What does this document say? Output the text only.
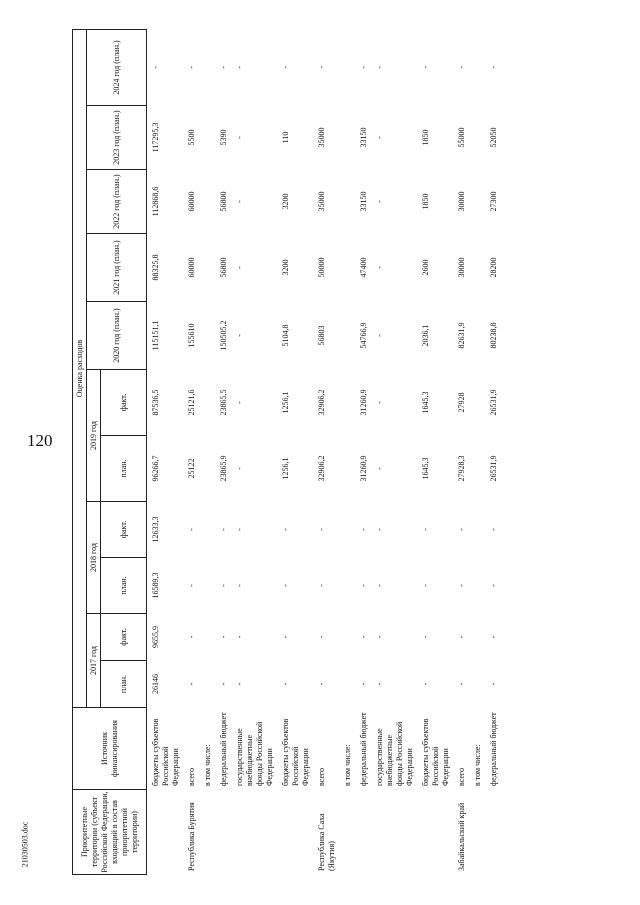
120
21030503.doc	Приоритетные территории (субъект Российской Федерации, входящий в состав приоритетной территории)	Источник финансирования	Оценка расходов										
		2017 год		2018 год		2019 год		2020 год (план.)	2021 год (план.)	2022 год (план.)	2023 год (план.)	2024 год (план.)
		план.	факт.	план.	факт.	план.	факт.					
	бюджеты субъектов Российской Федерации	26146	9655,9	16589,3	12633,3	96266,7	87536,5	115151,1	88325,8	112868,6	117295,3	-
Республика Бурятия	всего	-	-	-	-	25122	25121,6	155610	60000	60000	5500	-
	в том числе:											
	федеральный бюджет	-	-	-	-	23865,9	23865,5	150505,2	56800	56800	5390	-
	государственные внебюджетные фонды Российской Федерации	-	-	-	-	-	-	-	-	-	-	-
	бюджеты субъектов Российской Федерации	-	-	-	-	1256,1	1256,1	5104,8	3200	3200	110	-
Республика Саха (Якутия)	всего	-	-	-	-	32906,2	32906,2	56803	50000	35000	35000	-
	в том числе:											
	федеральный бюджет	-	-	-	-	31260,9	31260,9	54766,9	47400	33150	33150	-
	государственные внебюджетные фонды Российской Федерации	-	-	-	-	-	-	-	-	-	-	-
	бюджеты субъектов Российской Федерации	-	-	-	-	1645,3	1645,3	2036,1	2600	1850	1850	-
Забайкальский край	всего	-	-	-	-	27928,3	27928	82631,9	30000	30000	55000	-
	в том числе:											
	федеральный бюджет	-	-	-	-	26531,9	26531,9	80238,8	28200	27300	52050	-
